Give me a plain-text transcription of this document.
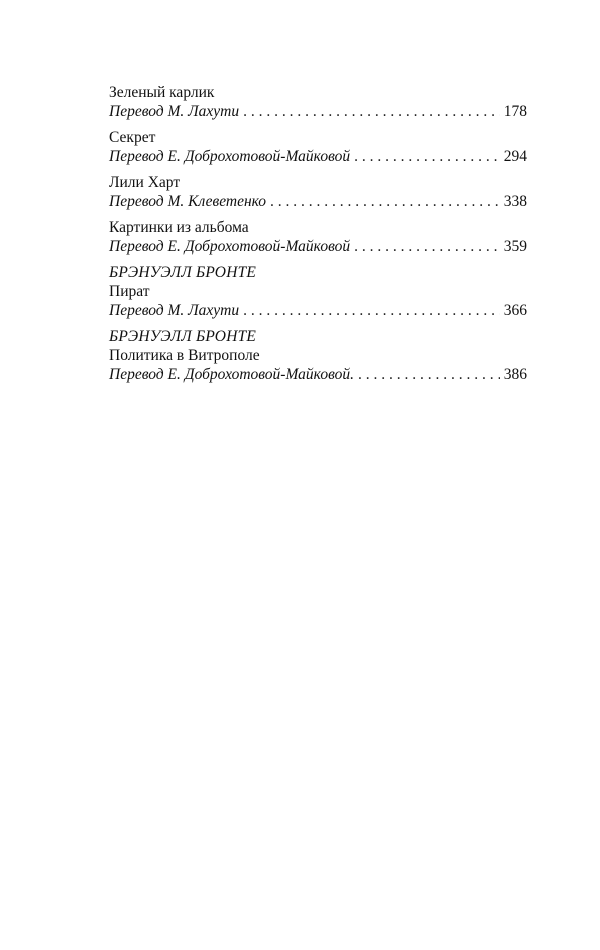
Зеленый карлик
Перевод М. Лахути . . .	178
Секрет
Перевод Е. Доброхотовой-Майковой . . .	294
Лили Харт
Перевод М. Клеветенко . . .	338
Картинки из альбома
Перевод Е. Доброхотовой-Майковой . . .	359
БРЭНУЭЛЛ БРОНТЕ
Пират
Перевод М. Лахути . . .	366
БРЭНУЭЛЛ БРОНТЕ
Политика в Витрополе
Перевод Е. Доброхотовой-Майковой. . . .	386
